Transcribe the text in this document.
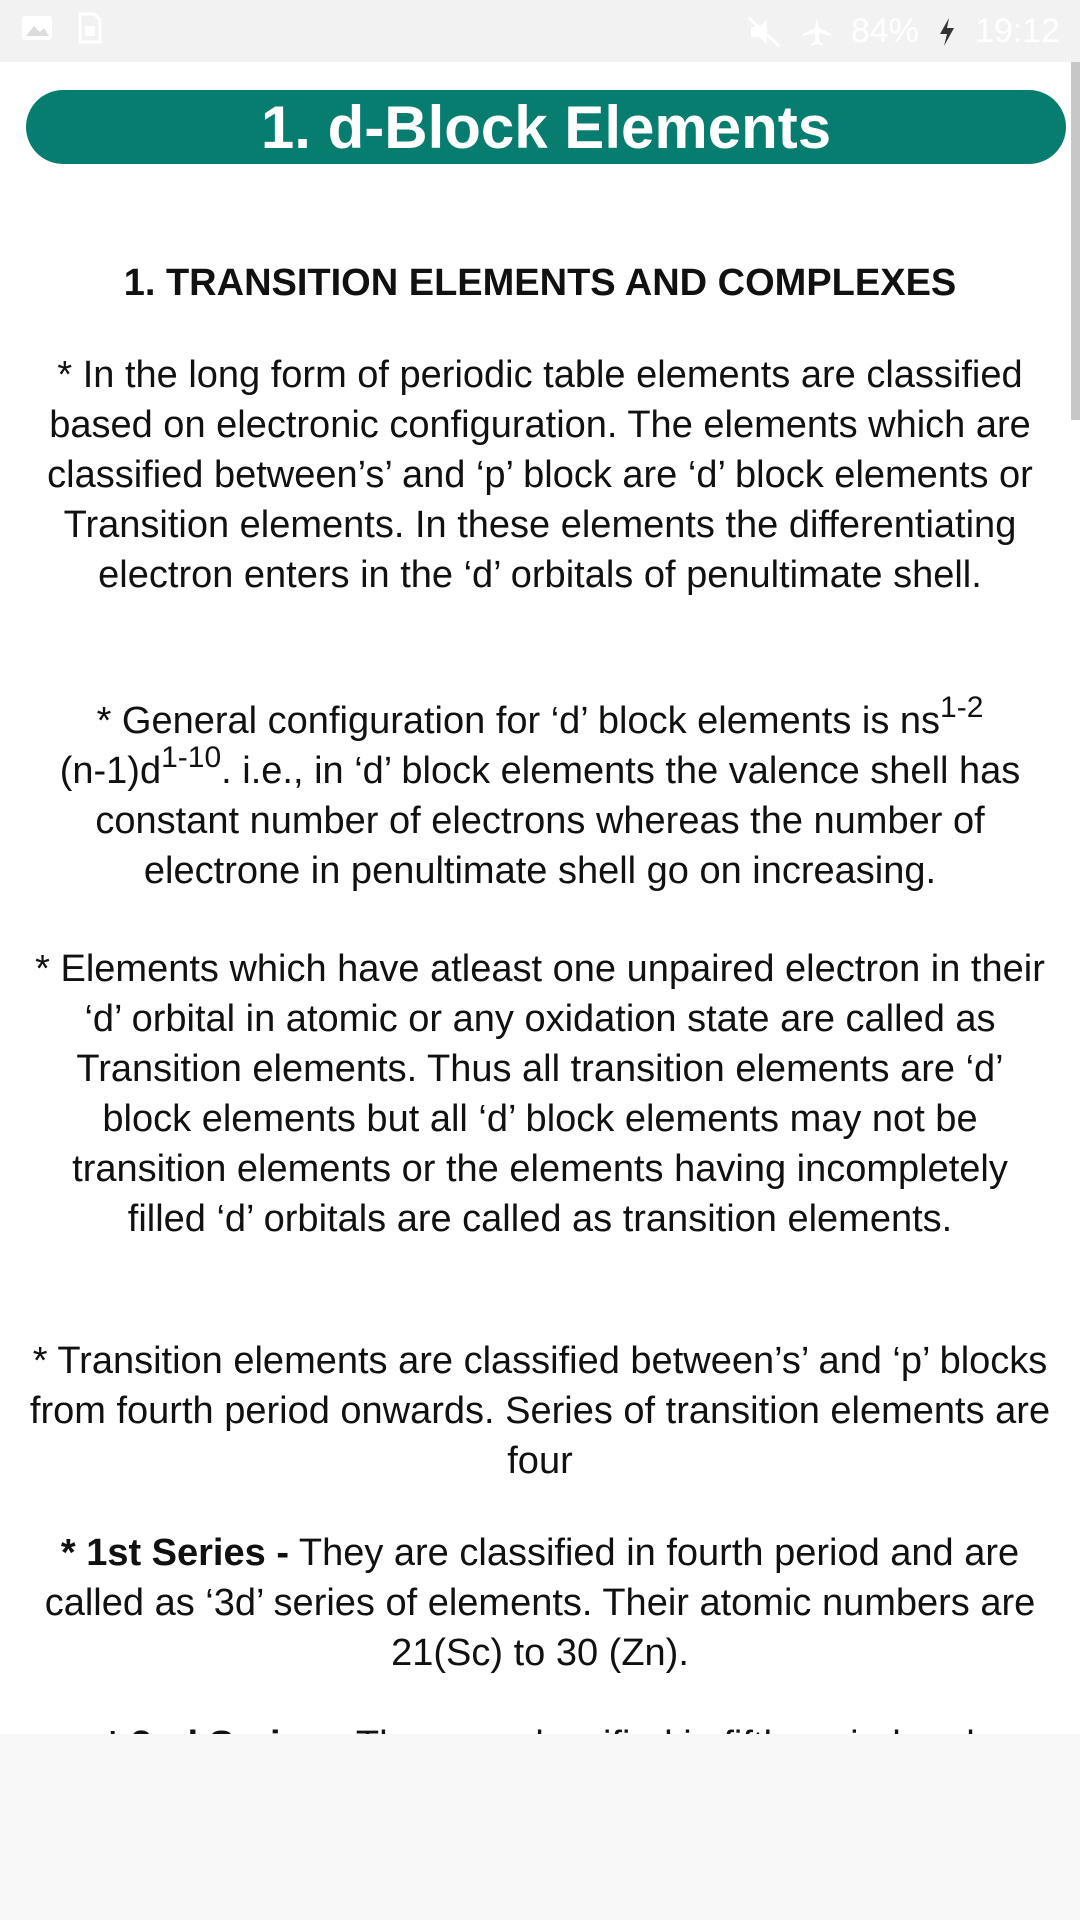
84% 19:12
1. d-Block Elements
1. TRANSITION ELEMENTS AND COMPLEXES
* In the long form of periodic table elements are classified based on electronic configuration. The elements which are classified between’s’ and ‘p’ block are ‘d’ block elements or Transition elements. In these elements the differentiating electron enters in the ‘d’ orbitals of penultimate shell.
* General configuration for ‘d’ block elements is $ns^{1-2}$
$(n-1)d^{1-10}$. i.e., in ‘d’ block elements the valence shell has constant number of electrons whereas the number of electrone in penultimate shell go on increasing.
* Elements which have atleast one unpaired electron in their ‘d’ orbital in atomic or any oxidation state are called as Transition elements. Thus all transition elements are ‘d’ block elements but all ‘d’ block elements may not be transition elements or the elements having incompletely filled ‘d’ orbitals are called as transition elements.
* Transition elements are classified between’s’ and ‘p’ blocks from fourth period onwards. Series of transition elements are four
* 1st Series - They are classified in fourth period and are called as ‘3d’ series of elements. Their atomic numbers are 21(Sc) to 30 (Zn).
